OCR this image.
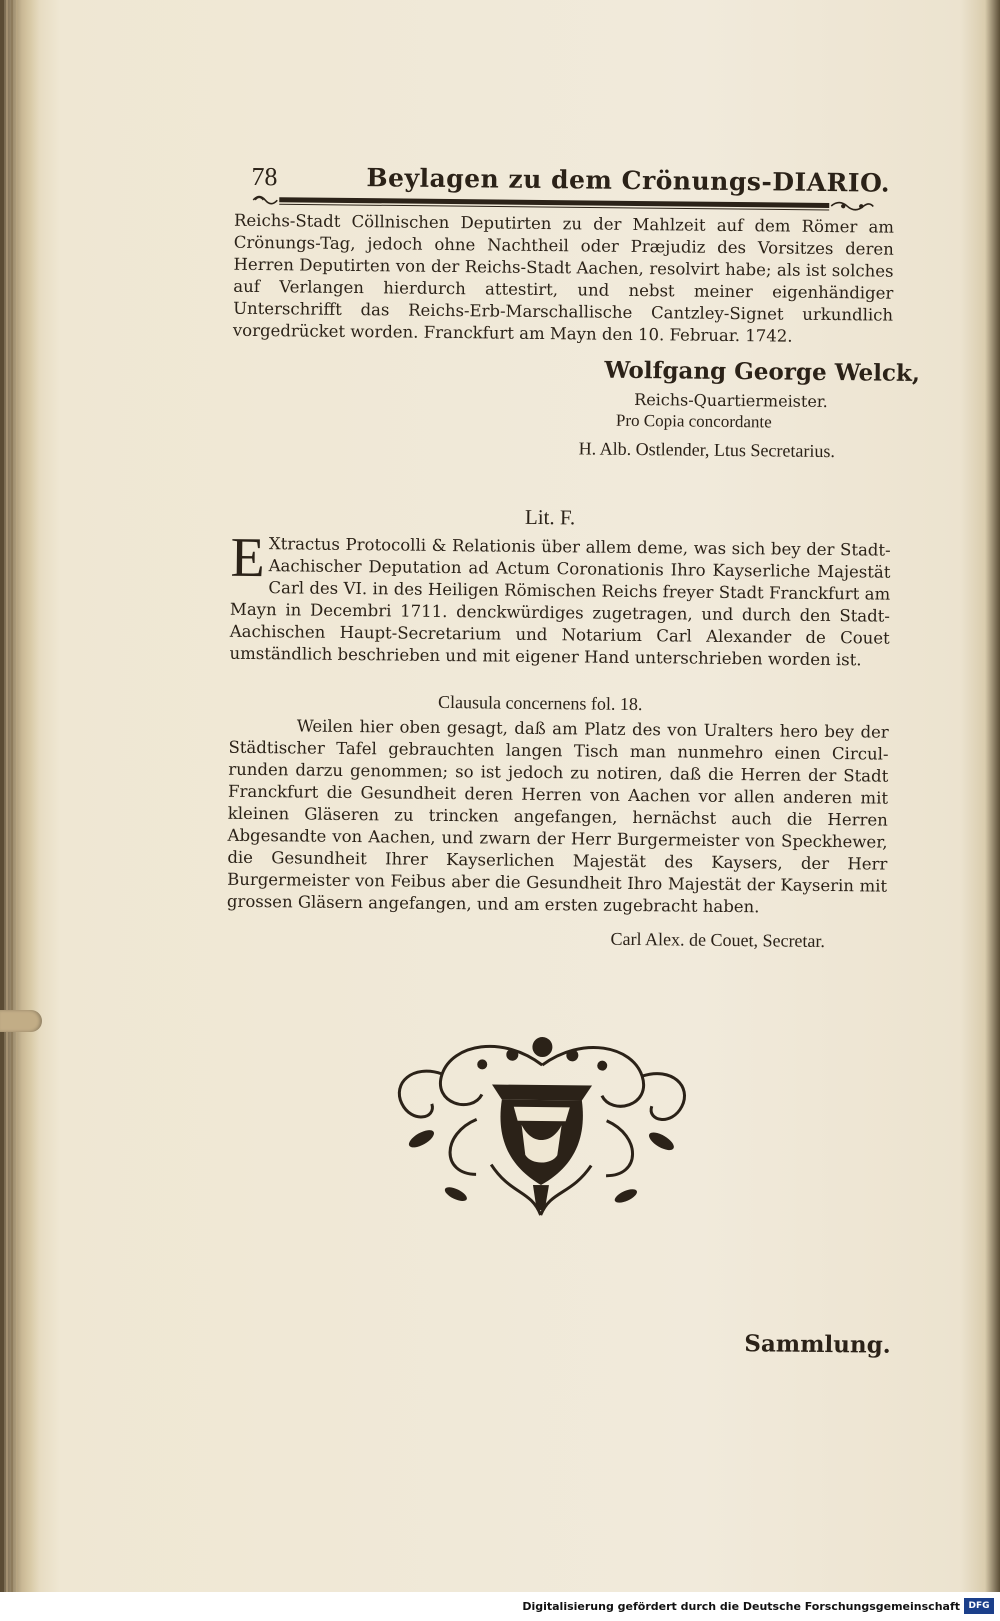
78	Beylagen zu dem Crönungs-DIARIO.
Reichs-Stadt Cöllnischen Deputirten zu der Mahlzeit auf dem Römer am Crönungs-Tag, jedoch ohne Nachtheil oder Præjudiz des Vorsitzes deren Herren Deputirten von der Reichs-Stadt Aachen, resolvirt habe; als ist solches auf Verlangen hierdurch attestirt, und nebst meiner eigenhändiger Unterschrifft das Reichs-Erb-Marschallische Cantzley-Signet urkundlich vorgedrücket worden. Franckfurt am Mayn den 10. Februar. 1742.
Wolfgang George Welck,
Reichs-Quartiermeister.
Pro Copia concordante
H. Alb. Ostlender, Ltus Secretarius.
Lit. F.
E Xtractus Protocolli & Relationis über allem deme, was sich bey der Stadt-Aachischer Deputation ad Actum Coronationis Ihro Kayserliche Majestät Carl des VI. in des Heiligen Römischen Reichs freyer Stadt Franckfurt am Mayn in Decembri 1711. denckwürdiges zugetragen, und durch den Stadt-Aachischen Haupt-Secretarium und Notarium Carl Alexander de Couet umständlich beschrieben und mit eigener Hand unterschrieben worden ist.
Clausula concernens fol. 18.
Weilen hier oben gesagt, daß am Platz des von Uralters hero bey der Städtischer Tafel gebrauchten langen Tisch man nunmehro einen Circul-runden darzu genommen; so ist jedoch zu notiren, daß die Herren der Stadt Franckfurt die Gesundheit deren Herren von Aachen vor allen anderen mit kleinen Gläseren zu trincken angefangen, hernächst auch die Herren Abgesandte von Aachen, und zwarn der Herr Burgermeister von Speckhewer, die Gesundheit Ihrer Kayserlichen Majestät des Kaysers, der Herr Burgermeister von Feibus aber die Gesundheit Ihro Majestät der Kayserin mit grossen Gläsern angefangen, und am ersten zugebracht haben.
Carl Alex. de Couet, Secretar.
Sammlung.
Digitalisierung gefördert durch die Deutsche Forschungsgemeinschaft DFG
